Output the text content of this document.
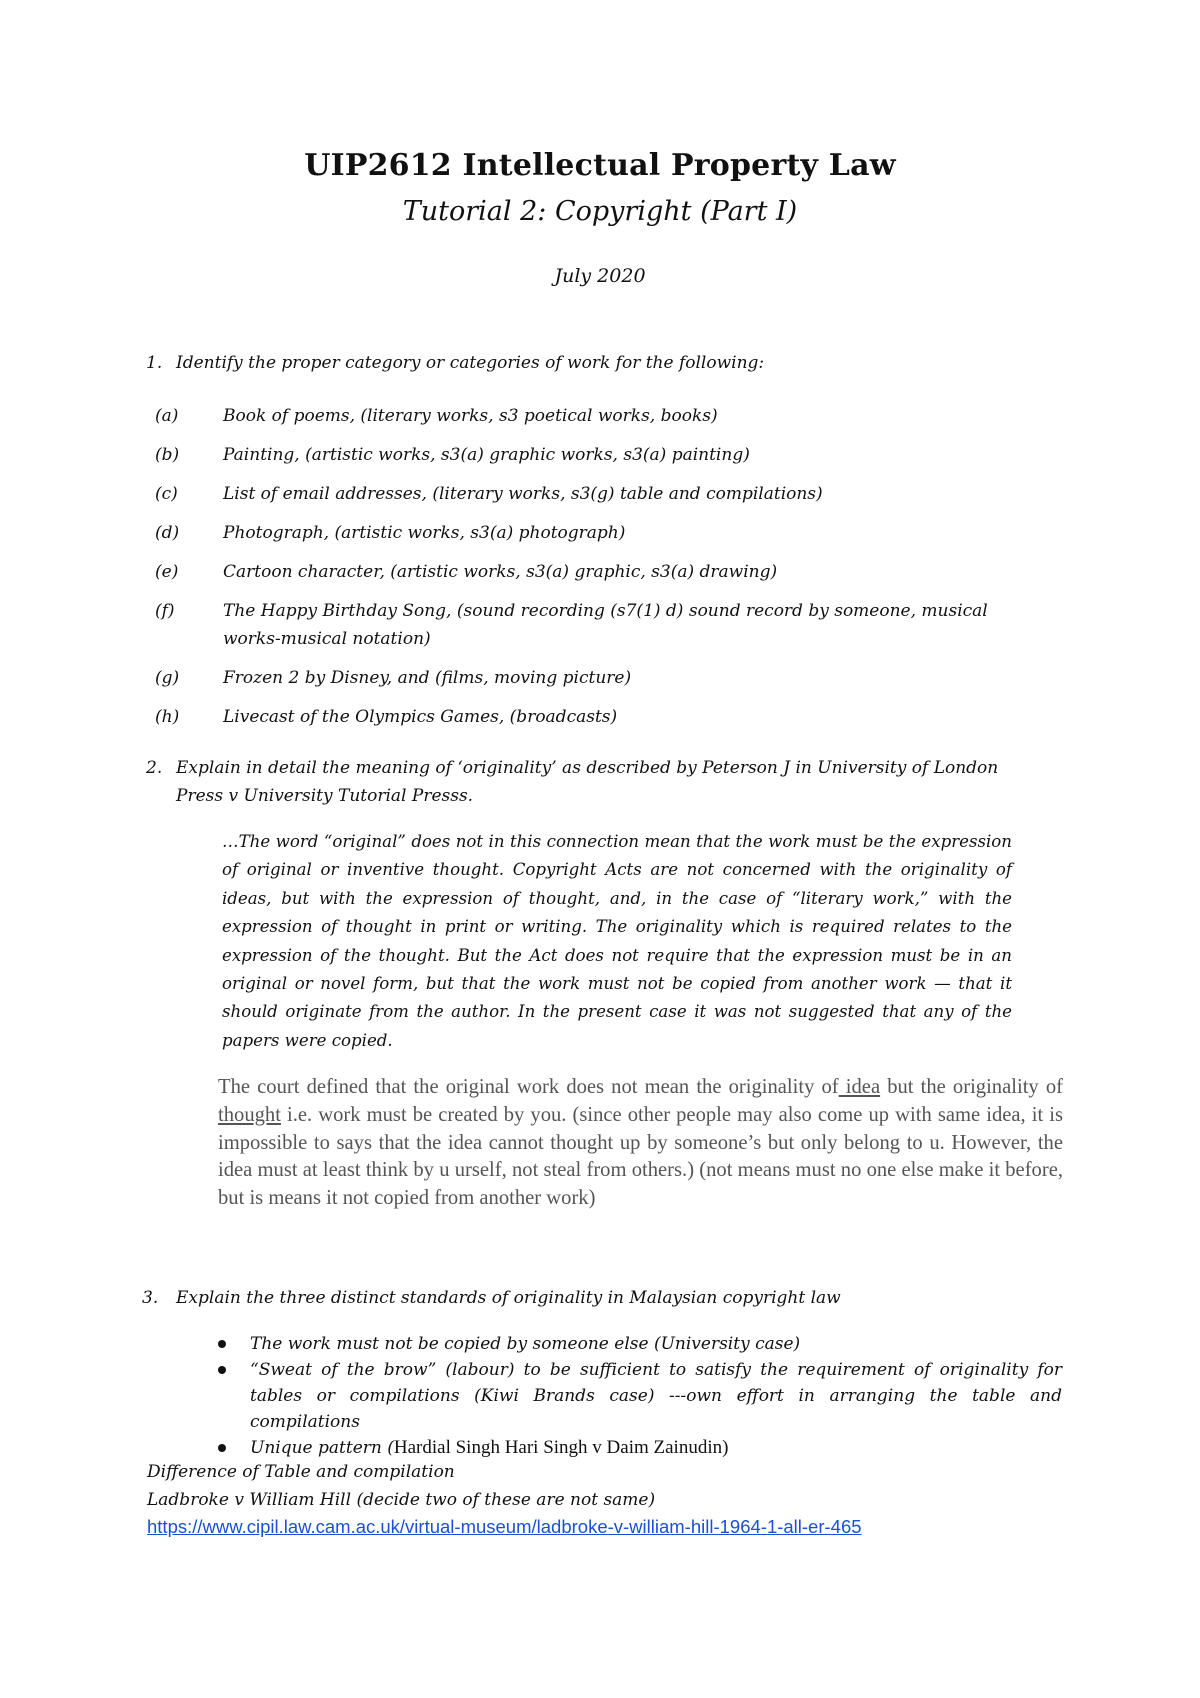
UIP2612 Intellectual Property Law
Tutorial 2: Copyright (Part I)
July 2020
1. Identify the proper category or categories of work for the following:
(a)	Book of poems, (literary works, s3 poetical works, books)
(b)	Painting, (artistic works, s3(a) graphic works, s3(a) painting)
(c)	List of email addresses, (literary works, s3(g) table and compilations)
(d)	Photograph, (artistic works, s3(a) photograph)
(e)	Cartoon character, (artistic works, s3(a) graphic, s3(a) drawing)
(f)	The Happy Birthday Song, (sound recording (s7(1) d) sound record by someone, musical
works-musical notation)
(g)	Frozen 2 by Disney, and (films, moving picture)
(h)	Livecast of the Olympics Games, (broadcasts)
2. Explain in detail the meaning of ‘originality’ as described by Peterson J in University of London
Press v University Tutorial Presss.
…The word “original” does not in this connection mean that the work must be the expression of original or inventive thought. Copyright Acts are not concerned with the originality of ideas, but with the expression of thought, and, in the case of “literary work,” with the expression of thought in print or writing. The originality which is required relates to the expression of the thought. But the Act does not require that the expression must be in an original or novel form, but that the work must not be copied from another work — that it should originate from the author. In the present case it was not suggested that any of the papers were copied.
The court defined that the original work does not mean the originality of idea but the originality of thought i.e. work must be created by you. (since other people may also come up with same idea, it is impossible to says that the idea cannot thought up by someone’s but only belong to u. However, the idea must at least think by u urself, not steal from others.) (not means must no one else make it before, but is means it not copied from another work)
3. Explain the three distinct standards of originality in Malaysian copyright law
The work must not be copied by someone else (University case)
“Sweat of the brow” (labour) to be sufficient to satisfy the requirement of originality for tables or compilations (Kiwi Brands case) ---own effort in arranging the table and compilations
Unique pattern (Hardial Singh Hari Singh v Daim Zainudin)
Difference of Table and compilation
Ladbroke v William Hill (decide two of these are not same)
https://www.cipil.law.cam.ac.uk/virtual-museum/ladbroke-v-william-hill-1964-1-all-er-465
